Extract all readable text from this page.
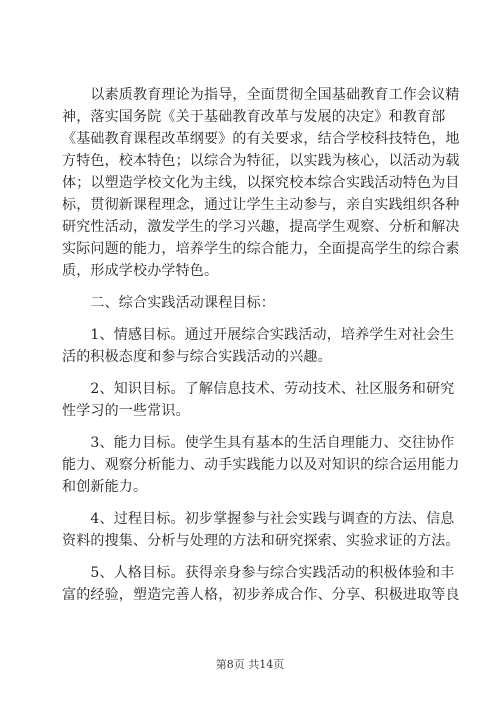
　　以素质教育理论为指导，全面贯彻全国基础教育工作会议精
神，落实国务院《关于基础教育改革与发展的决定》和教育部
《基础教育课程改革纲要》的有关要求，结合学校科技特色，地
方特色，校本特色；以综合为特征，以实践为核心，以活动为载
体；以塑造学校文化为主线，以探究校本综合实践活动特色为目
标，贯彻新课程理念，通过让学生主动参与，亲自实践组织各种
研究性活动，激发学生的学习兴趣，提高学生观察、分析和解决
实际问题的能力，培养学生的综合能力，全面提高学生的综合素
质，形成学校办学特色。
　　二、综合实践活动课程目标：
　　1、情感目标。通过开展综合实践活动，培养学生对社会生
活的积极态度和参与综合实践活动的兴趣。
　　2、知识目标。了解信息技术、劳动技术、社区服务和研究
性学习的一些常识。
　　3、能力目标。使学生具有基本的生活自理能力、交往协作
能力、观察分析能力、动手实践能力以及对知识的综合运用能力
和创新能力。
　　4、过程目标。初步掌握参与社会实践与调查的方法、信息
资料的搜集、分析与处理的方法和研究探索、实验求证的方法。
　　5、人格目标。获得亲身参与综合实践活动的积极体验和丰
富的经验，塑造完善人格，初步养成合作、分享、积极进取等良
第8页 共14页
